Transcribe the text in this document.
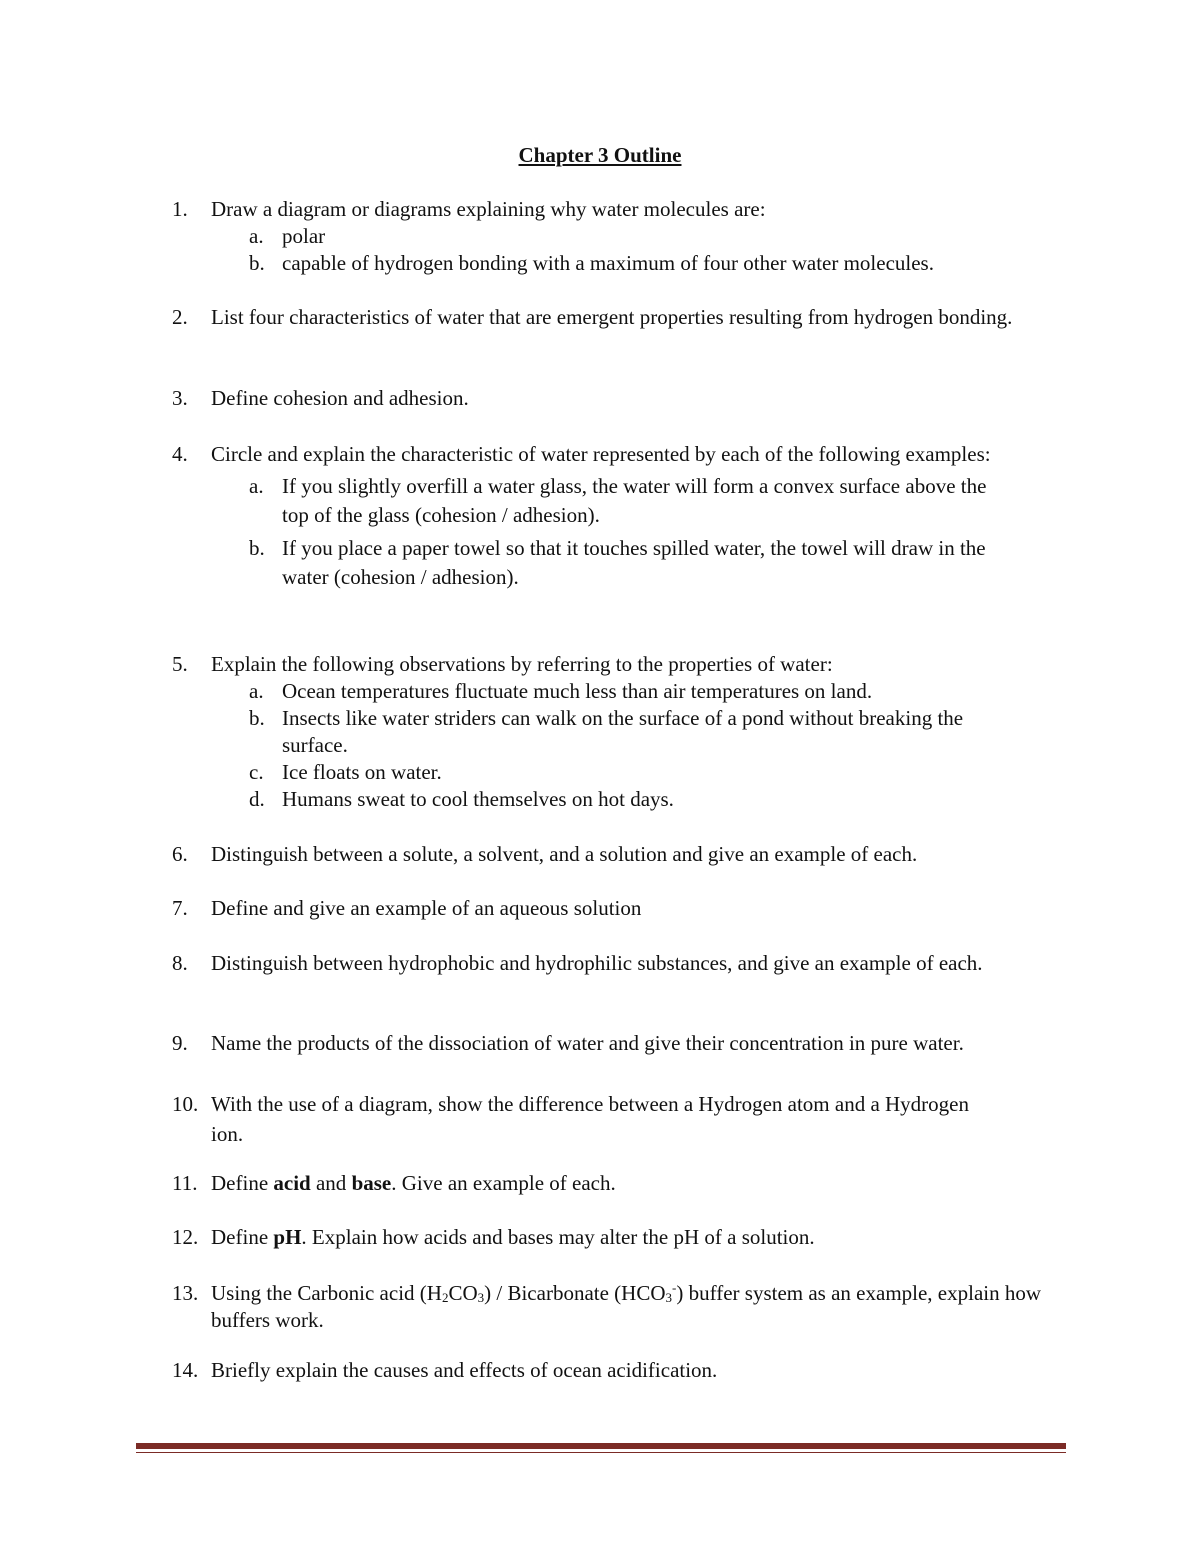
Chapter 3 Outline
1. Draw a diagram or diagrams explaining why water molecules are:

a. polar
b. capable of hydrogen bonding with a maximum of four other water molecules.
2. List four characteristics of water that are emergent properties resulting from hydrogen bonding.

3. Define cohesion and adhesion.

4. Circle and explain the characteristic of water represented by each of the following examples:

a. If you slightly overfill a water glass, the water will form a convex surface above the top of the glass (cohesion / adhesion).
b. If you place a paper towel so that it touches spilled water, the towel will draw in the water (cohesion / adhesion).
5. Explain the following observations by referring to the properties of water:

a. Ocean temperatures fluctuate much less than air temperatures on land.
b. Insects like water striders can walk on the surface of a pond without breaking the surface.
c. Ice floats on water.
d. Humans sweat to cool themselves on hot days.
6. Distinguish between a solute, a solvent, and a solution and give an example of each.

7. Define and give an example of an aqueous solution

8. Distinguish between hydrophobic and hydrophilic substances, and give an example of each.

9. Name the products of the dissociation of water and give their concentration in pure water.

10. With the use of a diagram, show the difference between a Hydrogen atom and a Hydrogen ion.

11. Define acid and base. Give an example of each.

12. Define pH. Explain how acids and bases may alter the pH of a solution.

13. Using the Carbonic acid $(H_2CO_3)$ / Bicarbonate $(HCO_3^-)$ buffer system as an example, explain how buffers work.

14. Briefly explain the causes and effects of ocean acidification.
